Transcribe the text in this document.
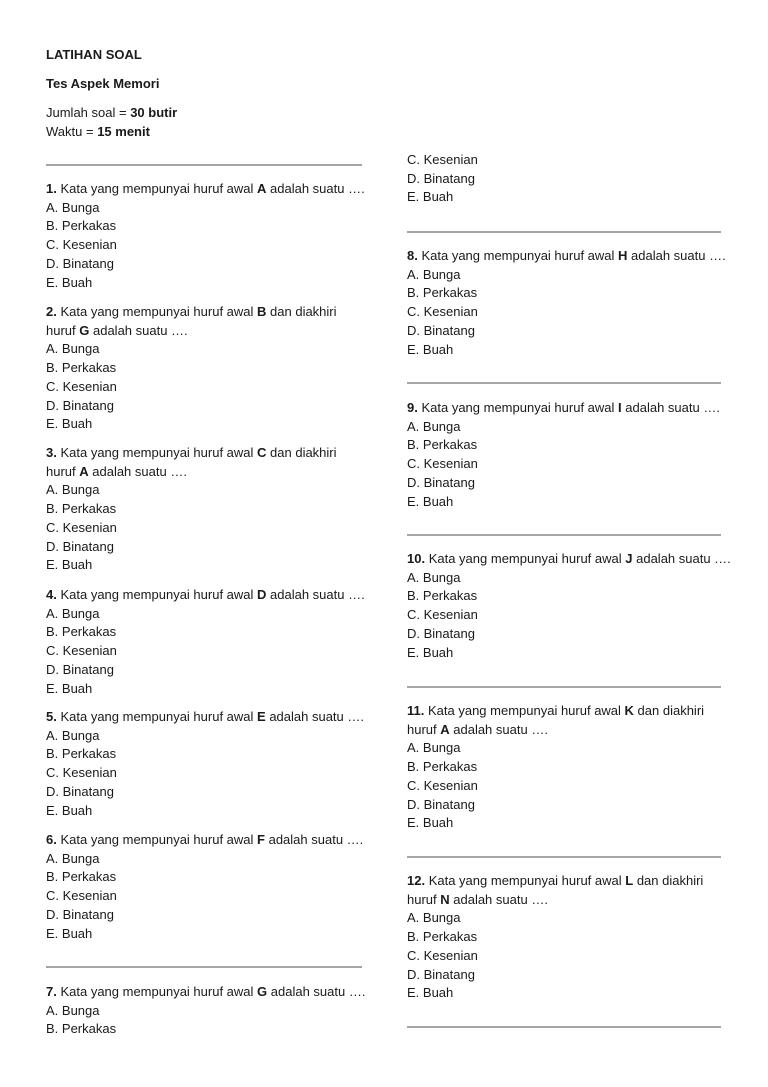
LATIHAN SOAL
Tes Aspek Memori
Jumlah soal = 30 butir
Waktu = 15 menit
1. Kata yang mempunyai huruf awal A adalah suatu ….
A. Bunga
B. Perkakas
C. Kesenian
D. Binatang
E. Buah
2. Kata yang mempunyai huruf awal B dan diakhiri
huruf G adalah suatu ….
A. Bunga
B. Perkakas
C. Kesenian
D. Binatang
E. Buah
3. Kata yang mempunyai huruf awal C dan diakhiri
huruf A adalah suatu ….
A. Bunga
B. Perkakas
C. Kesenian
D. Binatang
E. Buah
4. Kata yang mempunyai huruf awal D adalah suatu ….
A. Bunga
B. Perkakas
C. Kesenian
D. Binatang
E. Buah
5. Kata yang mempunyai huruf awal E adalah suatu ….
A. Bunga
B. Perkakas
C. Kesenian
D. Binatang
E. Buah
6. Kata yang mempunyai huruf awal F adalah suatu ….
A. Bunga
B. Perkakas
C. Kesenian
D. Binatang
E. Buah
7. Kata yang mempunyai huruf awal G adalah suatu ….
A. Bunga
B. Perkakas
C. Kesenian
D. Binatang
E. Buah
8. Kata yang mempunyai huruf awal H adalah suatu ….
A. Bunga
B. Perkakas
C. Kesenian
D. Binatang
E. Buah
9. Kata yang mempunyai huruf awal I adalah suatu ….
A. Bunga
B. Perkakas
C. Kesenian
D. Binatang
E. Buah
10. Kata yang mempunyai huruf awal J adalah suatu ….
A. Bunga
B. Perkakas
C. Kesenian
D. Binatang
E. Buah
11. Kata yang mempunyai huruf awal K dan diakhiri
huruf A adalah suatu ….
A. Bunga
B. Perkakas
C. Kesenian
D. Binatang
E. Buah
12. Kata yang mempunyai huruf awal L dan diakhiri
huruf N adalah suatu ….
A. Bunga
B. Perkakas
C. Kesenian
D. Binatang
E. Buah
